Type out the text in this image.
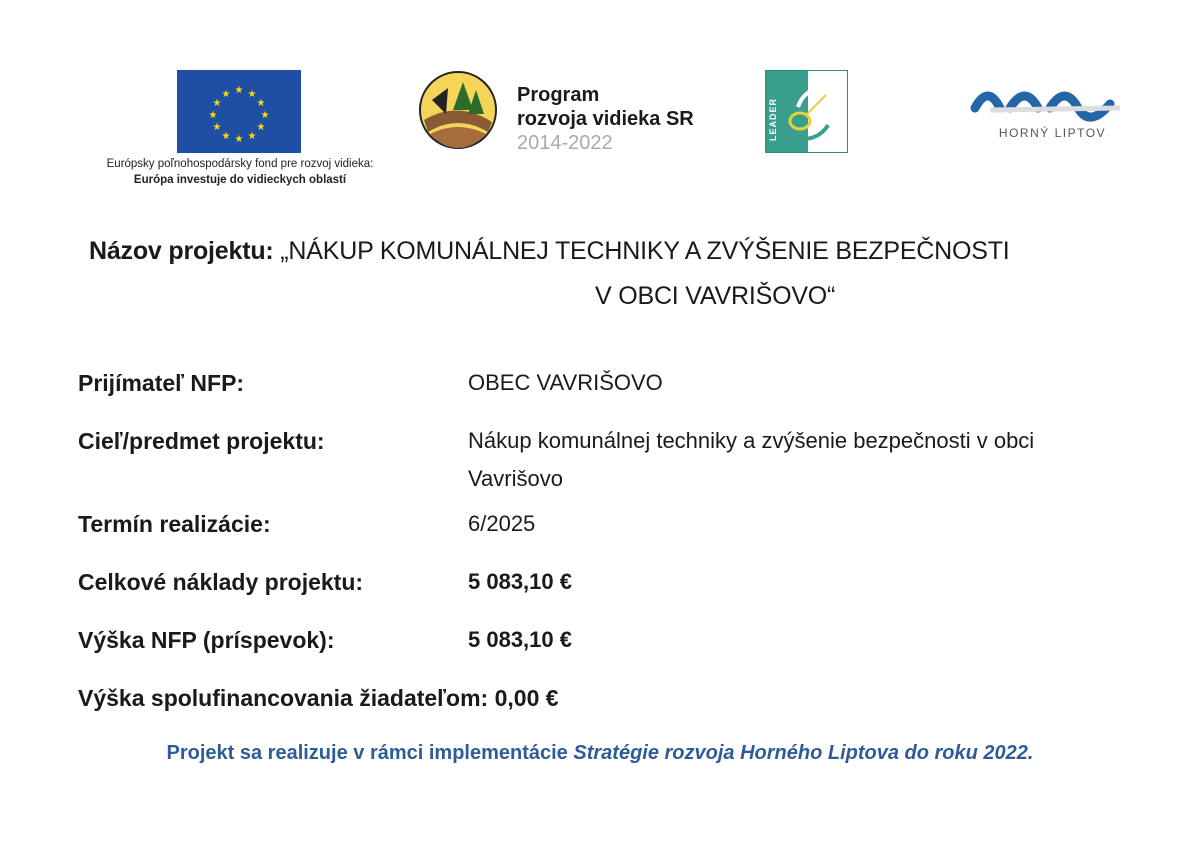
★ ★
★
★
★
★
★
★
★
★
★
★
Európsky poľnohospodársky fond pre rozvoj vidieka:
Európa investuje do vidieckych oblastí
Program
rozvoja vidieka SR
2014-2022
LEADER	HORNÝ LIPTOV
Názov projektu: „NÁKUP KOMUNÁLNEJ TECHNIKY A ZVÝŠENIE BEZPEČNOSTI
V OBCI VAVRIŠOVO“
Prijímateľ NFP:	OBEC VAVRIŠOVO
Cieľ/predmet projektu:	Nákup komunálnej techniky a zvýšenie bezpečnosti v obci
Vavrišovo
Termín realizácie:	6/2025
Celkové náklady projektu:	5 083,10 €
Výška NFP (príspevok):	5 083,10 €
Výška spolufinancovania žiadateľom: 0,00 €
Projekt sa realizuje v rámci implementácie Stratégie rozvoja Horného Liptova do roku 2022.
